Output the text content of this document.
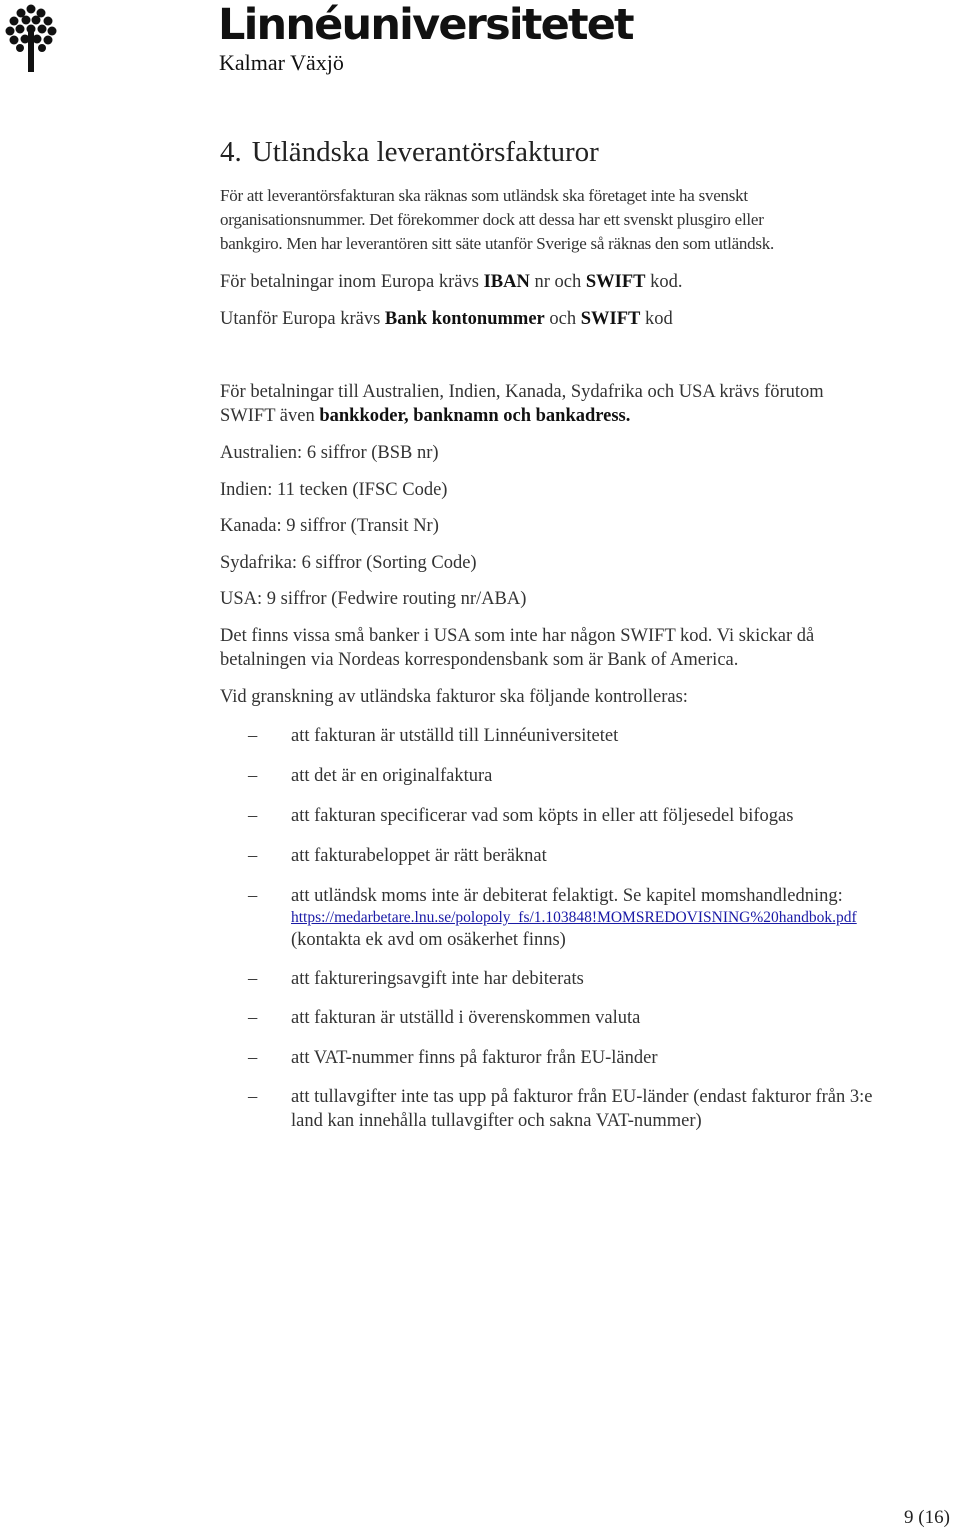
Linnéuniversitetet
Kalmar Växjö
4. Utländska leverantörsfakturor
För att leverantörsfakturan ska räknas som utländsk ska företaget inte ha svenskt
organisationsnummer. Det förekommer dock att dessa har ett svenskt plusgiro eller
bankgiro. Men har leverantören sitt säte utanför Sverige så räknas den som utländsk.
För betalningar inom Europa krävs IBAN nr och SWIFT kod.
Utanför Europa krävs Bank kontonummer och SWIFT kod
För betalningar till Australien, Indien, Kanada, Sydafrika och USA krävs förutom
SWIFT även bankkoder, banknamn och bankadress.
Australien: 6 siffror (BSB nr)
Indien: 11 tecken (IFSC Code)
Kanada: 9 siffror (Transit Nr)
Sydafrika: 6 siffror (Sorting Code)
USA: 9 siffror (Fedwire routing nr/ABA)
Det finns vissa små banker i USA som inte har någon SWIFT kod. Vi skickar då
betalningen via Nordeas korrespondensbank som är Bank of America.
Vid granskning av utländska fakturor ska följande kontrolleras:
–	att fakturan är utställd till Linnéuniversitetet
–	att det är en originalfaktura
–	att fakturan specificerar vad som köpts in eller att följesedel bifogas
–	att fakturabeloppet är rätt beräknat
–	att utländsk moms inte är debiterat felaktigt. Se kapitel momshandledning:
https://medarbetare.lnu.se/polopoly_fs/1.103848!MOMSREDOVISNING%20handbok.pdf
(kontakta ek avd om osäkerhet finns)
–	att faktureringsavgift inte har debiterats
–	att fakturan är utställd i överenskommen valuta
–	att VAT-nummer finns på fakturor från EU-länder
–	att tullavgifter inte tas upp på fakturor från EU-länder (endast fakturor från 3:e
land kan innehålla tullavgifter och sakna VAT-nummer)
9 (16)
